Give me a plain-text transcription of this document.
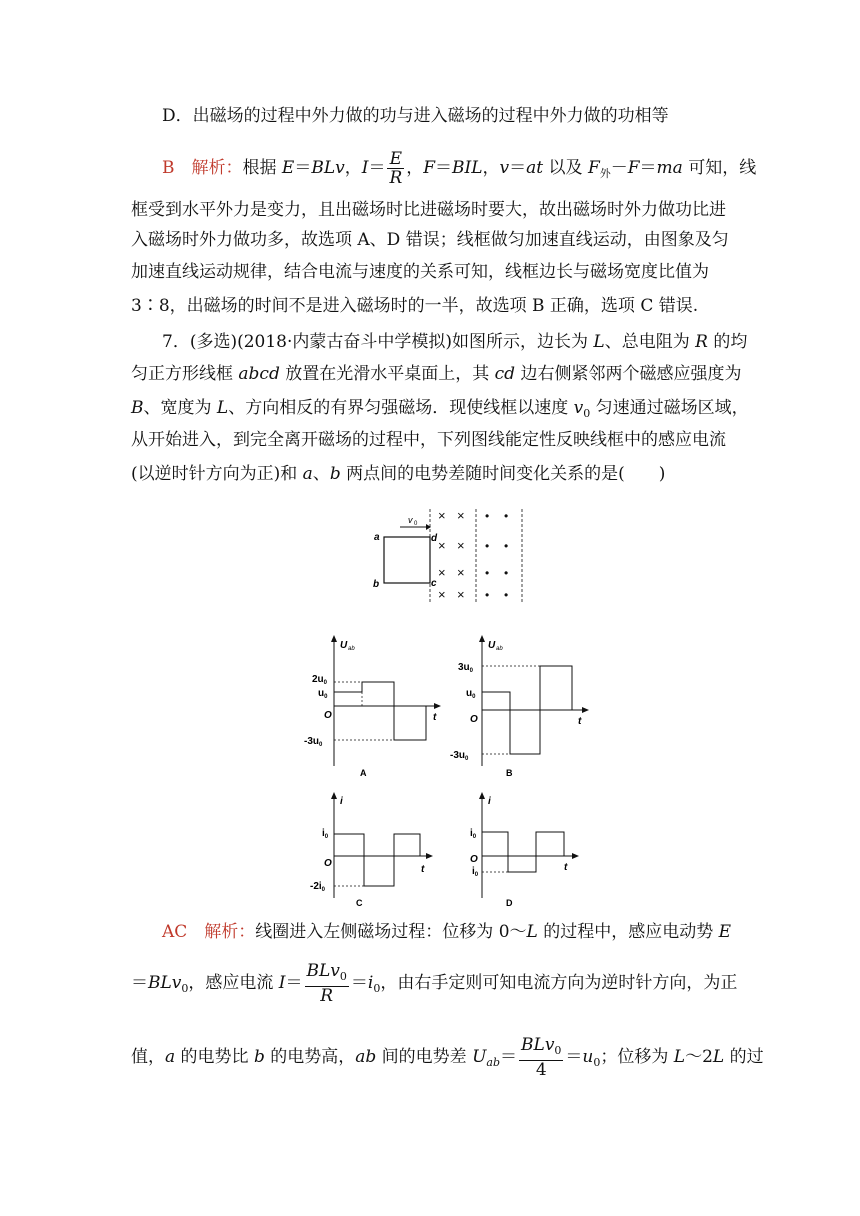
D．出磁场的过程中外力做的功与进入磁场的过程中外力做的功相等
B　 解析：根据 E＝BLv，$I= \frac{E}{R}$ ，F＝BIL，v＝at 以及 $F_外-F=ma$ 可知，线
框受到水平外力是变力，且出磁场时比进磁场时要大，故出磁场时外力做功比进
入磁场时外力做功多，故选项 A、D 错误；线框做匀加速直线运动，由图象及匀
加速直线运动规律，结合电流与速度的关系可知，线框边长与磁场宽度比值为
3∶8，出磁场的时间不是进入磁场时的一半，故选项 B 正确，选项 C 错误.
7．(多选)(2018·内蒙古奋斗中学模拟)如图所示，边长为 L、总电阻为 R 的均
匀正方形线框 abcd 放置在光滑水平桌面上，其 cd 边右侧紧邻两个磁感应强度为
B、宽度为 L、方向相反的有界匀强磁场．现使线框以速度 $v_0$ 匀速通过磁场区域，
从开始进入，到完全离开磁场的过程中，下列图线能定性反映线框中的感应电流
(以逆时针方向为正)和 a、b 两点间的电势差随时间变化关系的是(　　)
v 0
a
b	c
d
× ×
× ×
× ×
× ×
• •
• •
• •
• •
U ab
t
O
$2u_0$
$u_0$
$-3u_0$
A
U ab
t
O
$3u_0$
$u_0$
$-3u_0$
B
i
t
O
$i_0$
$-2i_0$
C
i
t
O
$i_0$
$i_0$
D
AC　 解析：线圈进入左侧磁场过程：位移为 0～L 的过程中，感应电动势 E
＝BLv$_0$，感应电流 $I= \frac{BLv_0}{R} =i_0$，由右手定则可知电流方向为逆时针方向，为正
值，a 的电势比 b 的电势高，ab 间的电势差 $U_{ab}= \frac{BLv_0}{4} =u_0$；位移为 L～2L 的过
